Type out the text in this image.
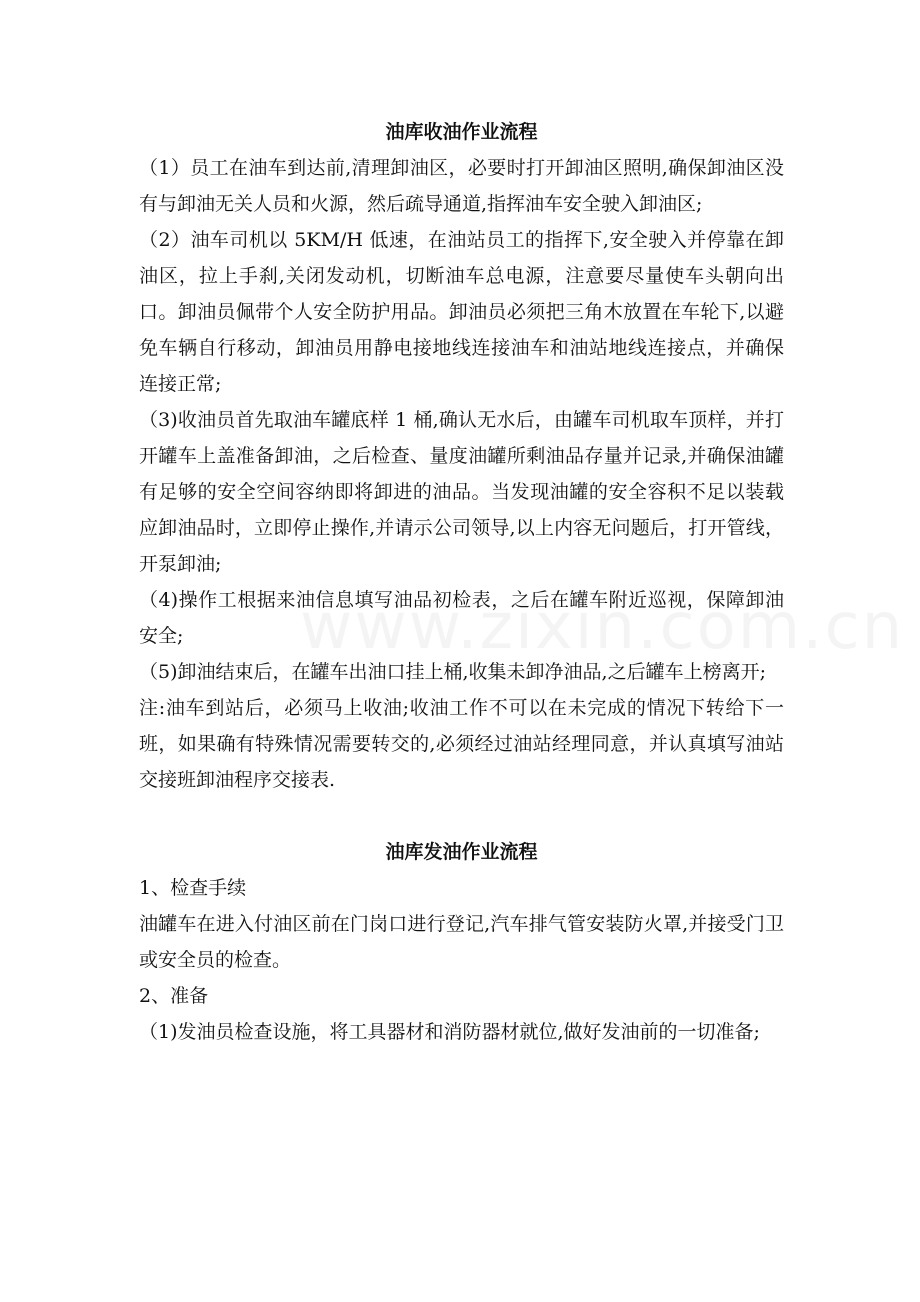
油库收油作业流程

（1）员工在油车到达前,清理卸油区，必要时打开卸油区照明,确保卸油区没有与卸油无关人员和火源，然后疏导通道,指挥油车安全驶入卸油区;

（2）油车司机以 5KM/H 低速，在油站员工的指挥下,安全驶入并停靠在卸油区，拉上手刹,关闭发动机，切断油车总电源，注意要尽量使车头朝向出口。卸油员佩带个人安全防护用品。卸油员必须把三角木放置在车轮下,以避免车辆自行移动，卸油员用静电接地线连接油车和油站地线连接点，并确保连接正常;

（3)收油员首先取油车罐底样 1 桶,确认无水后，由罐车司机取车顶样，并打开罐车上盖准备卸油，之后检查、量度油罐所剩油品存量并记录,并确保油罐有足够的安全空间容纳即将卸进的油品。当发现油罐的安全容积不足以装载应卸油品时，立即停止操作,并请示公司领导,以上内容无问题后，打开管线，开泵卸油;

（4)操作工根据来油信息填写油品初检表，之后在罐车附近巡视，保障卸油安全;

（5)卸油结束后，在罐车出油口挂上桶,收集未卸净油品,之后罐车上榜离开;

注:油车到站后，必须马上收油;收油工作不可以在未完成的情况下转给下一班，如果确有特殊情况需要转交的,必须经过油站经理同意，并认真填写油站交接班卸油程序交接表.

油库发油作业流程

1、检查手续

油罐车在进入付油区前在门岗口进行登记,汽车排气管安装防火罩,并接受门卫或安全员的检查。

2、准备

（1)发油员检查设施，将工具器材和消防器材就位,做好发油前的一切准备;
